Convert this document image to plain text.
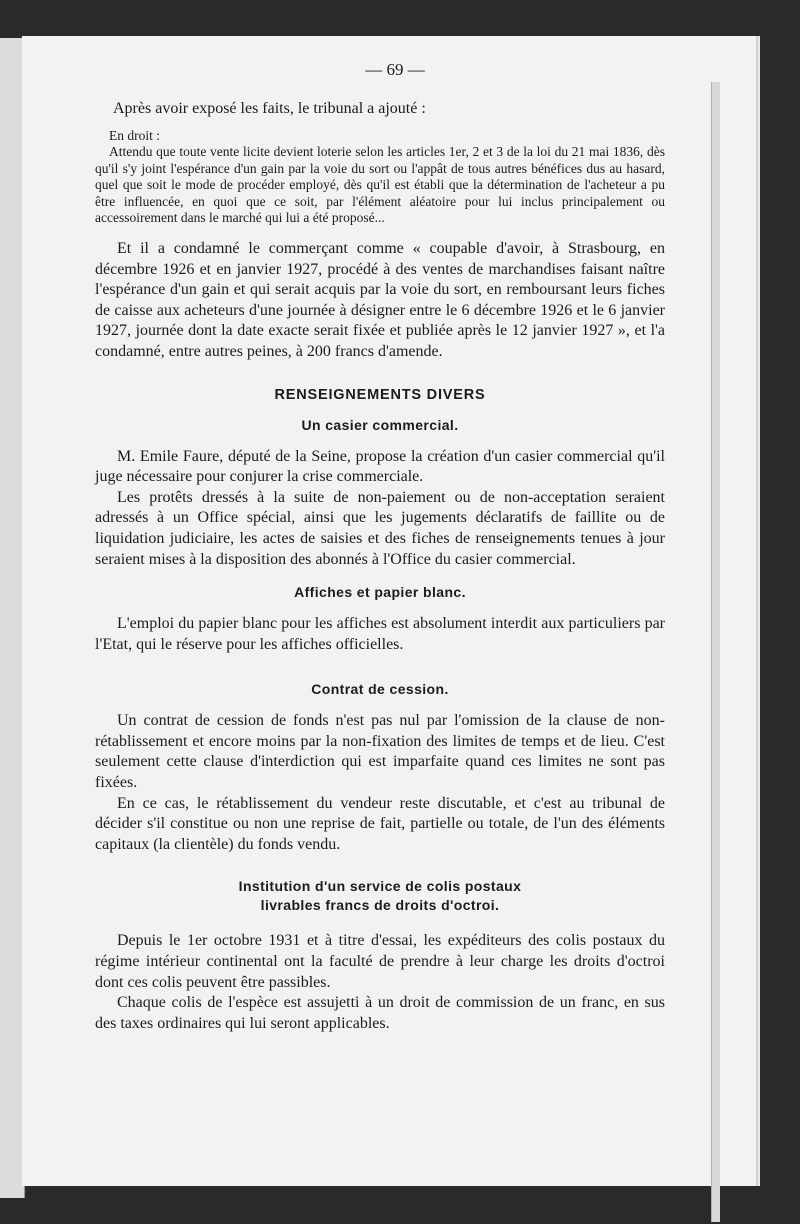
— 69 —

Après avoir exposé les faits, le tribunal a ajouté :

En droit :

Attendu que toute vente licite devient loterie selon les articles 1er, 2 et 3 de la loi du 21 mai 1836, dès qu'il s'y joint l'espérance d'un gain par la voie du sort ou l'appât de tous autres bénéfices dus au hasard, quel que soit le mode de procéder employé, dès qu'il est établi que la détermination de l'acheteur a pu être influencée, en quoi que ce soit, par l'élément aléatoire pour lui inclus principalement ou accessoirement dans le marché qui lui a été proposé...

Et il a condamné le commerçant comme « coupable d'avoir, à Strasbourg, en décembre 1926 et en janvier 1927, procédé à des ventes de marchandises faisant naître l'espérance d'un gain et qui serait acquis par la voie du sort, en remboursant leurs fiches de caisse aux acheteurs d'une journée à désigner entre le 6 décembre 1926 et le 6 janvier 1927, journée dont la date exacte serait fixée et publiée après le 12 janvier 1927 », et l'a condamné, entre autres peines, à 200 francs d'amende.

RENSEIGNEMENTS DIVERS
Un casier commercial.

M. Emile Faure, député de la Seine, propose la création d'un casier commercial qu'il juge nécessaire pour conjurer la crise commerciale.

Les protêts dressés à la suite de non-paiement ou de non-acceptation seraient adressés à un Office spécial, ainsi que les jugements déclaratifs de faillite ou de liquidation judiciaire, les actes de saisies et des fiches de renseignements tenues à jour seraient mises à la disposition des abonnés à l'Office du casier commercial.

Affiches et papier blanc.

L'emploi du papier blanc pour les affiches est absolument interdit aux particuliers par l'Etat, qui le réserve pour les affiches officielles.

Contrat de cession.

Un contrat de cession de fonds n'est pas nul par l'omission de la clause de non-rétablissement et encore moins par la non-fixation des limites de temps et de lieu. C'est seulement cette clause d'interdiction qui est imparfaite quand ces limites ne sont pas fixées.

En ce cas, le rétablissement du vendeur reste discutable, et c'est au tribunal de décider s'il constitue ou non une reprise de fait, partielle ou totale, de l'un des éléments capitaux (la clientèle) du fonds vendu.

Institution d'un service de colis postaux
livrables francs de droits d'octroi.

Depuis le 1er octobre 1931 et à titre d'essai, les expéditeurs des colis postaux du régime intérieur continental ont la faculté de prendre à leur charge les droits d'octroi dont ces colis peuvent être passibles.

Chaque colis de l'espèce est assujetti à un droit de commission de un franc, en sus des taxes ordinaires qui lui seront applicables.
